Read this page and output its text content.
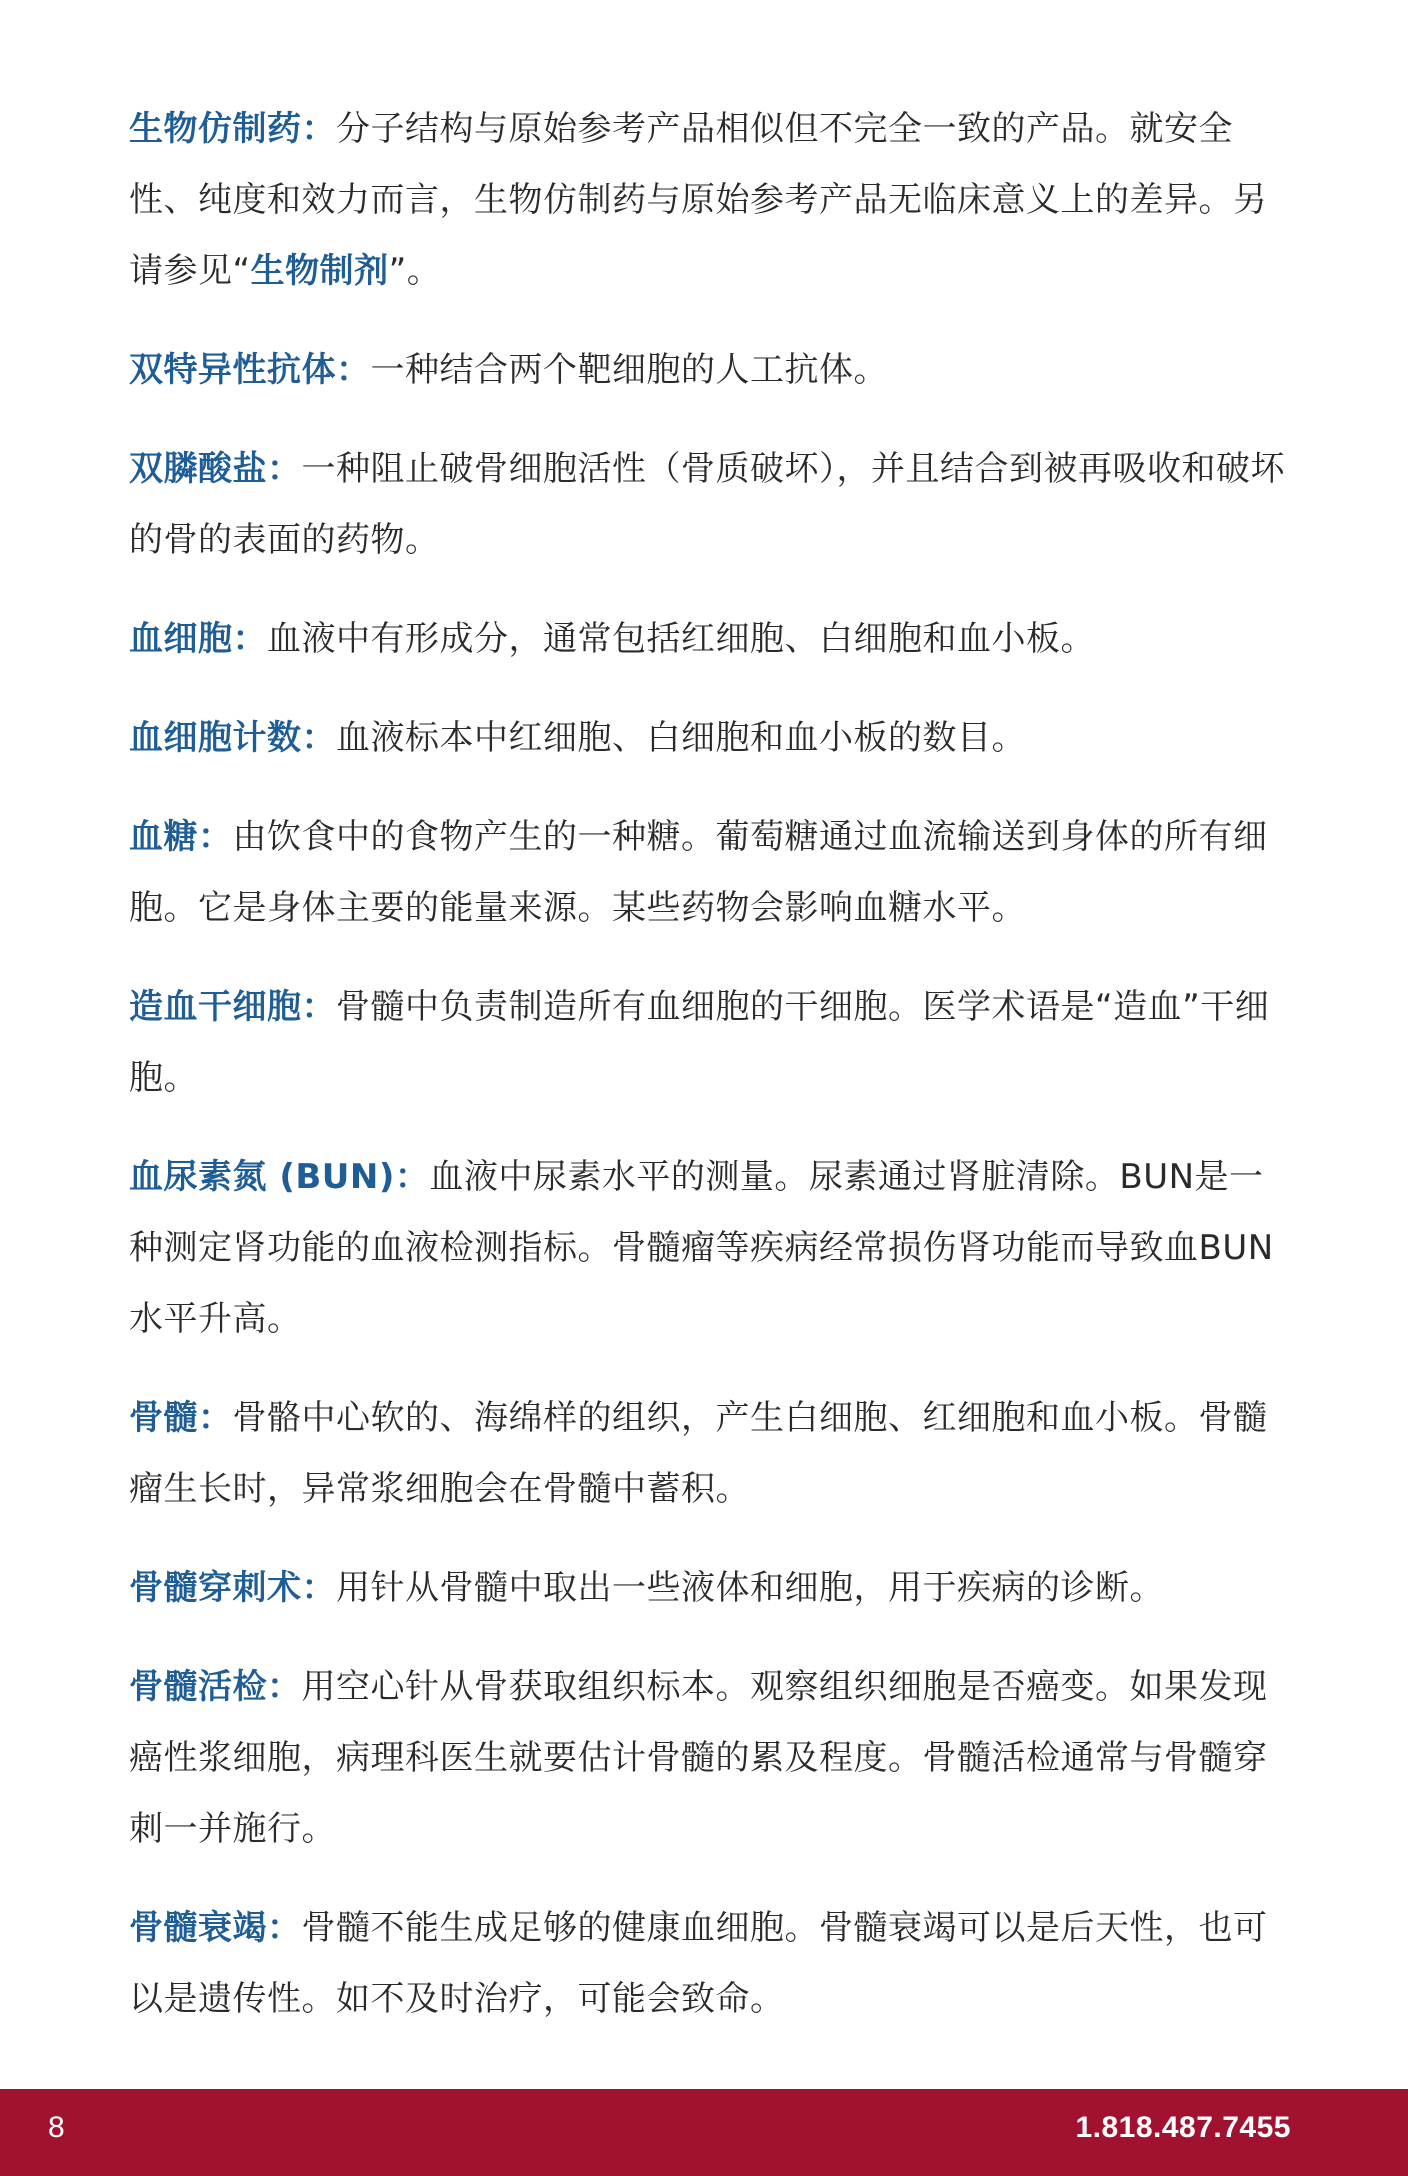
生物仿制药：分子结构与原始参考产品相似但不完全一致的产品。就安全性、纯度和效力而言，生物仿制药与原始参考产品无临床意义上的差异。另请参见“生物制剂”。

双特异性抗体：一种结合两个靶细胞的人工抗体。

双膦酸盐：一种阻止破骨细胞活性（骨质破坏），并且结合到被再吸收和破坏的骨的表面的药物。

血细胞：血液中有形成分，通常包括红细胞、白细胞和血小板。

血细胞计数：血液标本中红细胞、白细胞和血小板的数目。

血糖：由饮食中的食物产生的一种糖。葡萄糖通过血流输送到身体的所有细胞。它是身体主要的能量来源。某些药物会影响血糖水平。

造血干细胞：骨髓中负责制造所有血细胞的干细胞。医学术语是“造血”干细胞。

血尿素氮 (BUN)：血液中尿素水平的测量。尿素通过肾脏清除。BUN是一种测定肾功能的血液检测指标。骨髓瘤等疾病经常损伤肾功能而导致血BUN水平升高。

骨髓：骨骼中心软的、海绵样的组织，产生白细胞、红细胞和血小板。骨髓瘤生长时，异常浆细胞会在骨髓中蓄积。

骨髓穿刺术：用针从骨髓中取出一些液体和细胞，用于疾病的诊断。

骨髓活检：用空心针从骨获取组织标本。观察组织细胞是否癌变。如果发现癌性浆细胞，病理科医生就要估计骨髓的累及程度。骨髓活检通常与骨髓穿刺一并施行。

骨髓衰竭：骨髓不能生成足够的健康血细胞。骨髓衰竭可以是后天性，也可以是遗传性。如不及时治疗，可能会致命。

8	1.818.487.7455
